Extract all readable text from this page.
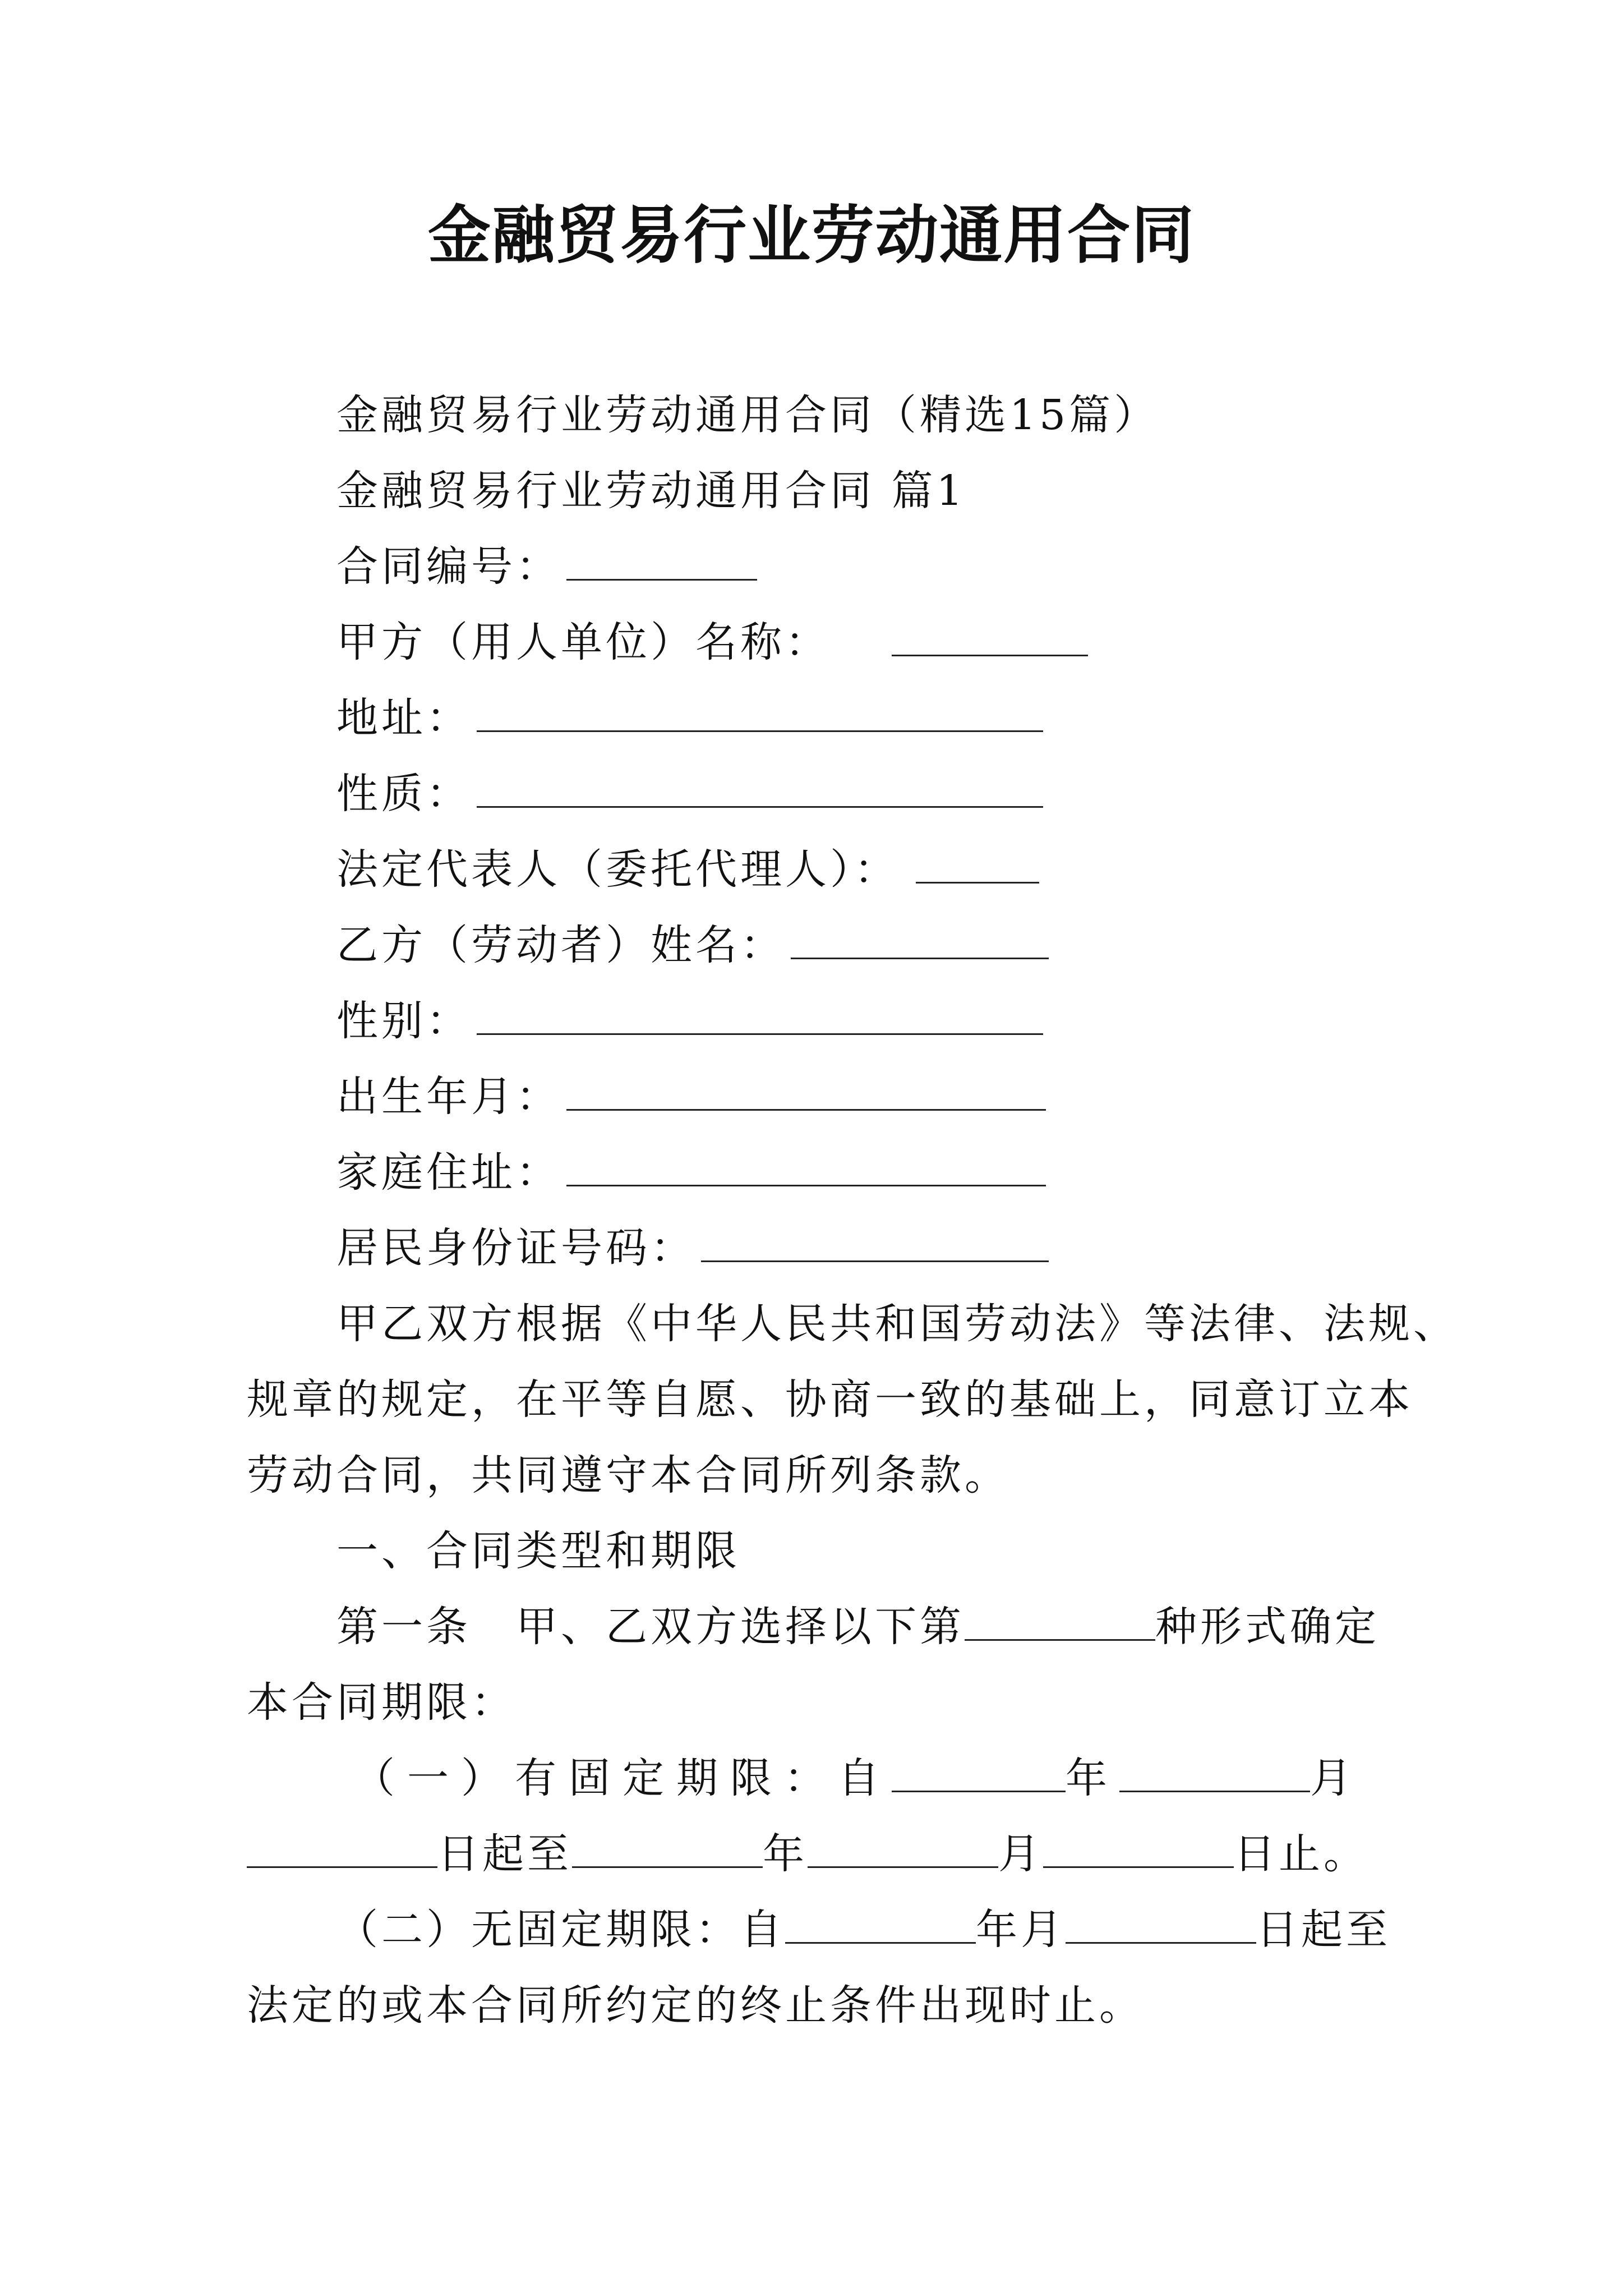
金融贸易行业劳动通用合同
金融贸易行业劳动通用合同（精选15篇）
金融贸易行业劳动通用合同 篇1
合同编号：
甲方（用人单位）名称：
地址：
性质：
法定代表人（委托代理人）：
乙方（劳动者）姓名：
性别：
出生年月：
家庭住址：
居民身份证号码：
甲乙双方根据《中华人民共和国劳动法》等法律、法规、
规章的规定，在平等自愿、协商一致的基础上，同意订立本
劳动合同，共同遵守本合同所列条款。
一、合同类型和期限
第一条　甲、乙双方选择以下第	种形式确定
本合同期限：
（一）有固定期限：自	年	月
日起至	年	月	日止。
（二）无固定期限：自	年月	日起至
法定的或本合同所约定的终止条件出现时止。
